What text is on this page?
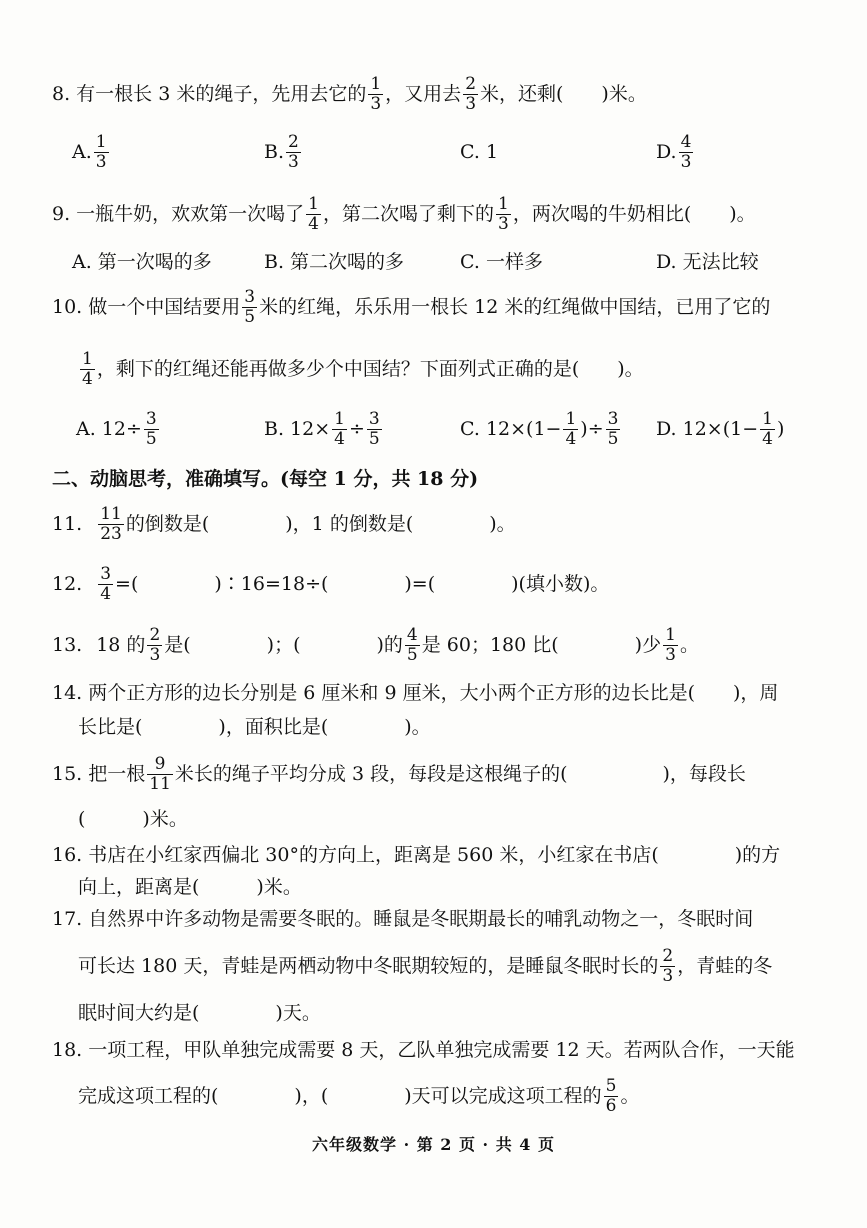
8. 有一根长 3 米的绳子，先用去它的 $\frac{1}{3}$ ，又用去 $\frac{2}{3}$ 米，还剩(　　)米。
A. $\frac{1}{3}$	B. $\frac{2}{3}$	C. 1	D. $\frac{4}{3}$
9. 一瓶牛奶，欢欢第一次喝了 $\frac{1}{4}$ ，第二次喝了剩下的 $\frac{1}{3}$ ，两次喝的牛奶相比(　　)。
A. 第一次喝的多	B. 第二次喝的多	C. 一样多	D. 无法比较
10. 做一个中国结要用 $\frac{3}{5}$ 米的红绳，乐乐用一根长 12 米的红绳做中国结，已用了它的
$\frac{1}{4}$ ，剩下的红绳还能再做多少个中国结？下面列式正确的是(　　)。
A. $12\div \frac{3}{5}$	B. $12\times \frac{1}{4} \div \frac{3}{5}$	C. $12\times(1- \frac{1}{4}$ )÷ $\frac{3}{5} D$. $12\times(1- \frac{1}{4}$ )
二、动脑思考，准确填写。(每空 1 分，共 18 分)
11. $\frac{11}{23}$ 的倒数是(　　　　)，1 的倒数是(　　　　)。
12. $\frac{3}{4}$ =(　　　　)∶16=18÷(　　　　)=(　　　　)(填小数)。
13. 18 的 $\frac{2}{3}$ 是(　　　　)；(　　　　)的 $\frac{4}{5}$ 是 60；180 比(　　　　)少 $\frac{1}{3}$ 。
14. 两个正方形的边长分别是 6 厘米和 9 厘米，大小两个正方形的边长比是(　　)，周
长比是(　　　　)，面积比是(　　　　)。
15. 把一根 $\frac{9}{11}$ 米长的绳子平均分成 3 段，每段是这根绳子的(　　　　　)，每段长
(　　　)米。
16. 书店在小红家西偏北 30°的方向上，距离是 560 米，小红家在书店(　　　　)的方
向上，距离是(　　　)米。
17. 自然界中许多动物是需要冬眠的。睡鼠是冬眠期最长的哺乳动物之一，冬眠时间
可长达 180 天，青蛙是两栖动物中冬眠期较短的，是睡鼠冬眠时长的 $\frac{2}{3}$ ，青蛙的冬
眠时间大约是(　　　　)天。
18. 一项工程，甲队单独完成需要 8 天，乙队单独完成需要 12 天。若两队合作，一天能
完成这项工程的(　　　　)，(　　　　)天可以完成这项工程的 $\frac{5}{6}$ 。
六年级数学 · 第 2 页 · 共 4 页
